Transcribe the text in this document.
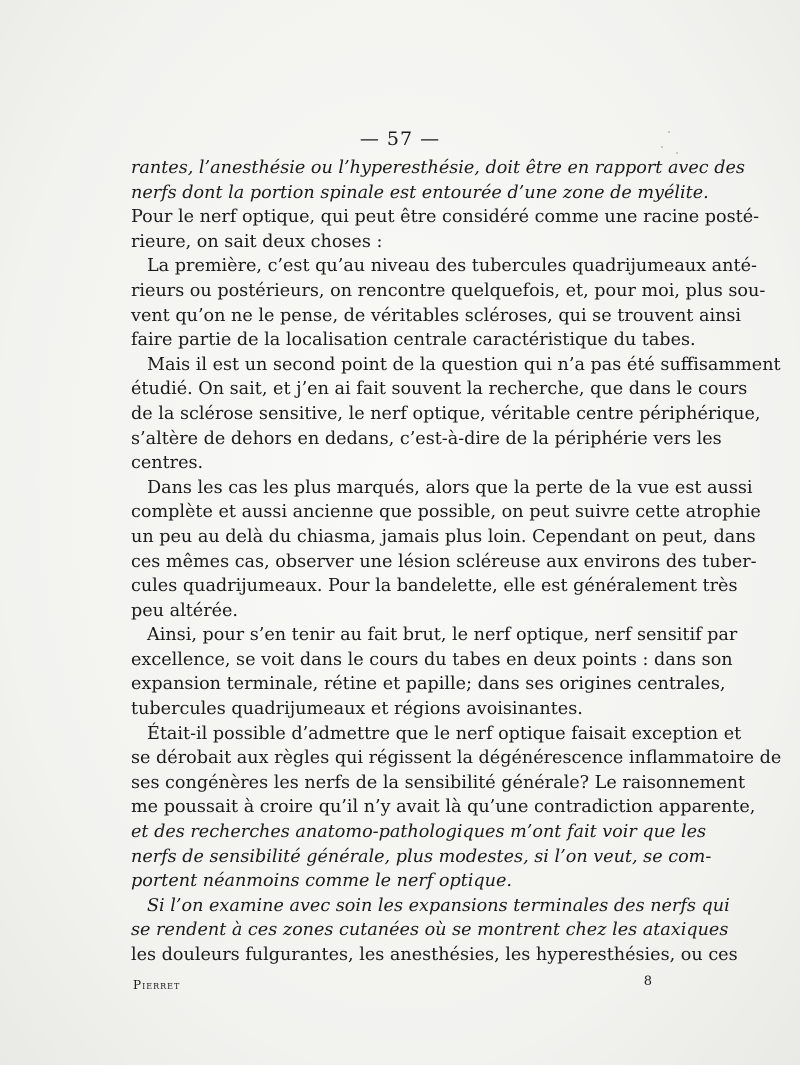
— 57 —
rantes, l’anesthésie ou l’hyperesthésie, doit être en rapport avec des
nerfs dont la portion spinale est entourée d’une zone de myélite.
Pour le nerf optique, qui peut être considéré comme une racine posté-
rieure, on sait deux choses :
La première, c’est qu’au niveau des tubercules quadrijumeaux anté-
rieurs ou postérieurs, on rencontre quelquefois, et, pour moi, plus sou-
vent qu’on ne le pense, de véritables scléroses, qui se trouvent ainsi
faire partie de la localisation centrale caractéristique du tabes.
Mais il est un second point de la question qui n’a pas été suffisamment
étudié. On sait, et j’en ai fait souvent la recherche, que dans le cours
de la sclérose sensitive, le nerf optique, véritable centre périphérique,
s’altère de dehors en dedans, c’est-à-dire de la périphérie vers les
centres.
Dans les cas les plus marqués, alors que la perte de la vue est aussi
complète et aussi ancienne que possible, on peut suivre cette atrophie
un peu au delà du chiasma, jamais plus loin. Cependant on peut, dans
ces mêmes cas, observer une lésion scléreuse aux environs des tuber-
cules quadrijumeaux. Pour la bandelette, elle est généralement très
peu altérée.
Ainsi, pour s’en tenir au fait brut, le nerf optique, nerf sensitif par
excellence, se voit dans le cours du tabes en deux points : dans son
expansion terminale, rétine et papille; dans ses origines centrales,
tubercules quadrijumeaux et régions avoisinantes.
Était-il possible d’admettre que le nerf optique faisait exception et
se dérobait aux règles qui régissent la dégénérescence inflammatoire de
ses congénères les nerfs de la sensibilité générale? Le raisonnement
me poussait à croire qu’il n’y avait là qu’une contradiction apparente,
et des recherches anatomo-pathologiques m’ont fait voir que les
nerfs de sensibilité générale, plus modestes, si l’on veut, se com-
portent néanmoins comme le nerf optique.
Si l’on examine avec soin les expansions terminales des nerfs qui
se rendent à ces zones cutanées où se montrent chez les ataxiques
les douleurs fulgurantes, les anesthésies, les hyperesthésies, ou ces
Pierret	8
